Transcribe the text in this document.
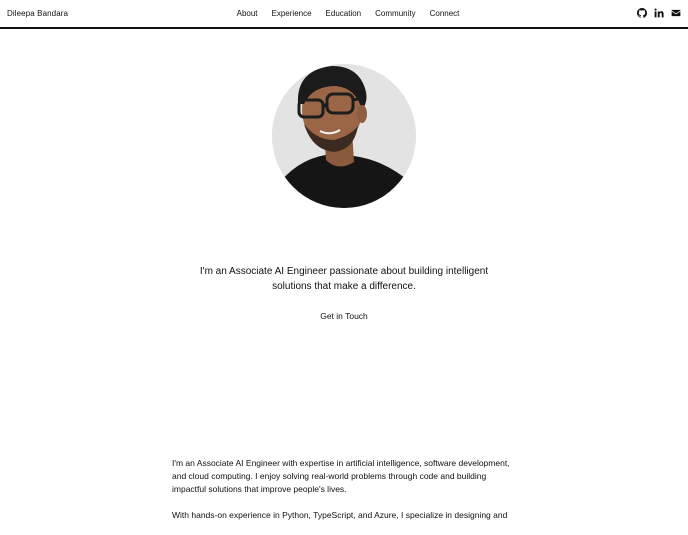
Dileepa Bandara	About Experience Education Community Connect

I'm an Associate AI Engineer passionate about building intelligent solutions that make a difference.

Get in Touch

I'm an Associate AI Engineer with expertise in artificial intelligence, software development, and cloud computing. I enjoy solving real-world problems through code and building impactful solutions that improve people's lives.

With hands-on experience in Python, TypeScript, and Azure, I specialize in designing and
